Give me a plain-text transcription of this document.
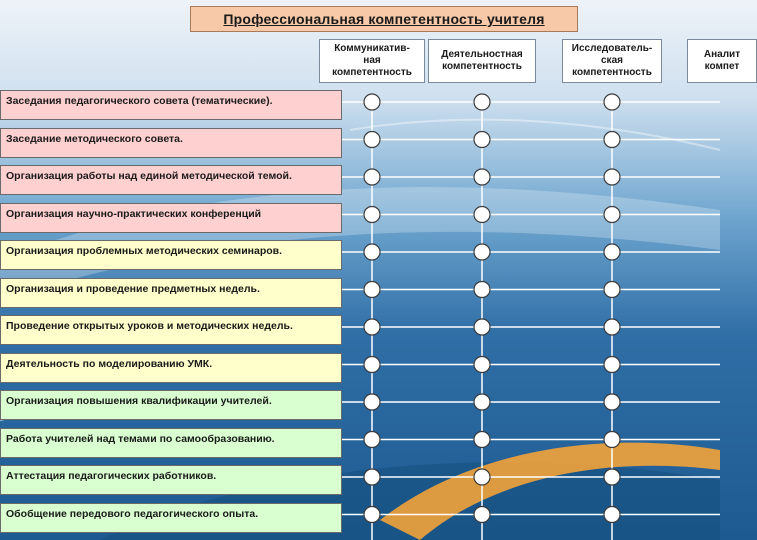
Профессиональная компетентность учителя
Коммуникатив-
ная
компетентность
Деятельностная
компетентность
Исследователь-
ская
компетентность
Аналит
компет
Заседания педагогического совета (тематические).
Заседание методического совета.
Организация работы над единой методической темой.
Организация научно-практических конференций
Организация проблемных методических семинаров.
Организация и проведение предметных недель.
Проведение открытых уроков и методических недель.
Деятельность по моделированию УМК.
Организация повышения квалификации учителей.
Работа учителей над темами по самообразованию.
Аттестация педагогических работников.
Обобщение передового педагогического опыта.
